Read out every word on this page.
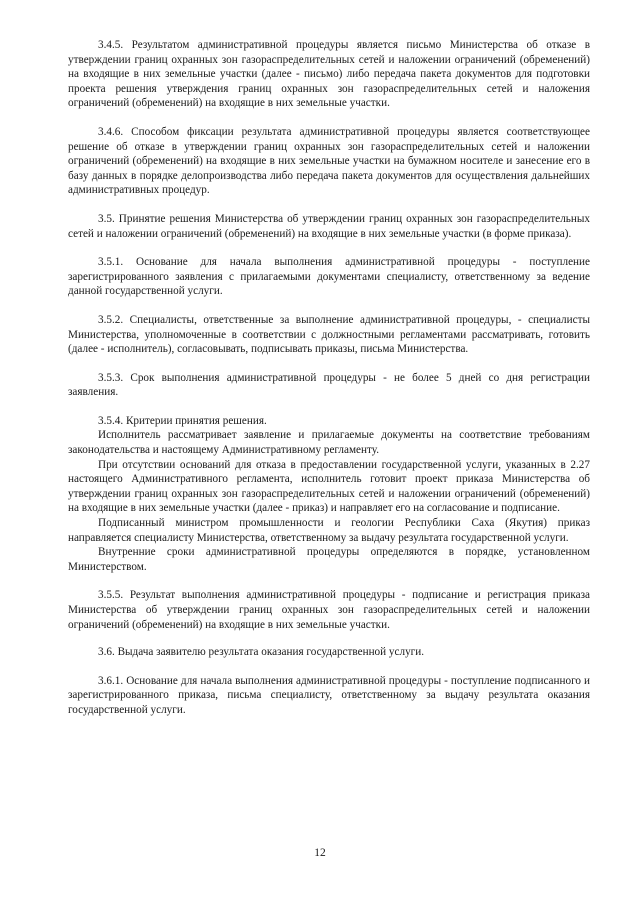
3.4.5. Результатом административной процедуры является письмо Министерства об отказе в утверждении границ охранных зон газораспределительных сетей и наложении ограничений (обременений) на входящие в них земельные участки (далее - письмо) либо передача пакета документов для подготовки проекта решения утверждения границ охранных зон газораспределительных сетей и наложения ограничений (обременений) на входящие в них земельные участки.

3.4.6. Способом фиксации результата административной процедуры является соответствующее решение об отказе в утверждении границ охранных зон газораспределительных сетей и наложении ограничений (обременений) на входящие в них земельные участки на бумажном носителе и занесение его в базу данных в порядке делопроизводства либо передача пакета документов для осуществления дальнейших административных процедур.

3.5. Принятие решения Министерства об утверждении границ охранных зон газораспределительных сетей и наложении ограничений (обременений) на входящие в них земельные участки (в форме приказа).

3.5.1. Основание для начала выполнения административной процедуры - поступление зарегистрированного заявления с прилагаемыми документами специалисту, ответственному за ведение данной государственной услуги.

3.5.2. Специалисты, ответственные за выполнение административной процедуры, - специалисты Министерства, уполномоченные в соответствии с должностными регламентами рассматривать, готовить (далее - исполнитель), согласовывать, подписывать приказы, письма Министерства.

3.5.3. Срок выполнения административной процедуры - не более 5 дней со дня регистрации заявления.

3.5.4. Критерии принятия решения.

Исполнитель рассматривает заявление и прилагаемые документы на соответствие требованиям законодательства и настоящему Административному регламенту.

При отсутствии оснований для отказа в предоставлении государственной услуги, указанных в 2.27 настоящего Административного регламента, исполнитель готовит проект приказа Министерства об утверждении границ охранных зон газораспределительных сетей и наложении ограничений (обременений) на входящие в них земельные участки (далее - приказ) и направляет его на согласование и подписание.

Подписанный министром промышленности и геологии Республики Саха (Якутия) приказ направляется специалисту Министерства, ответственному за выдачу результата государственной услуги.

Внутренние сроки административной процедуры определяются в порядке, установленном Министерством.

3.5.5. Результат выполнения административной процедуры - подписание и регистрация приказа Министерства об утверждении границ охранных зон газораспределительных сетей и наложении ограничений (обременений) на входящие в них земельные участки.

3.6. Выдача заявителю результата оказания государственной услуги.

3.6.1. Основание для начала выполнения административной процедуры - поступление подписанного и зарегистрированного приказа, письма специалисту, ответственному за выдачу результата оказания государственной услуги.

12
